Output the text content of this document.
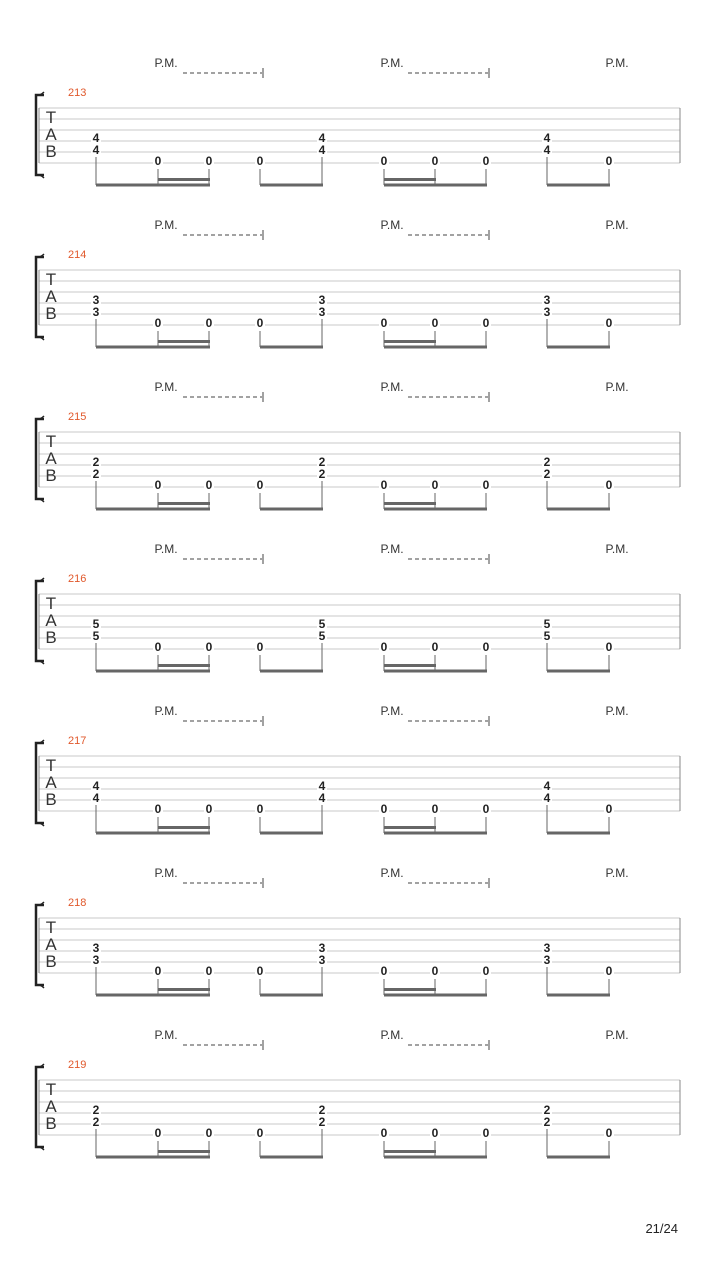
P.M.	P.M.	P.M.
213
T
A
B
4
4
0	0	0
4
4
0	0	0
4
4
0
P.M.	P.M.	P.M.
214
T
A
B
3
3
0	0	0
3
3
0	0	0
3
3
0
P.M.	P.M.	P.M.
215
T
A
B
2
2
0	0	0
2
2
0	0	0
2
2
0
P.M.	P.M.	P.M.
216
T
A
B
5
5
0	0	0
5
5
0	0	0
5
5
0
P.M.	P.M.	P.M.
217
T
A
B
4
4
0	0	0
4
4
0	0	0
4
4
0
P.M.	P.M.	P.M.
218
T
A
B
3
3
0	0	0
3
3
0	0	0
3
3
0
P.M.	P.M.	P.M.
219
T
A
B
2
2
0	0	0
2
2
0	0	0
2
2
0
21/24
